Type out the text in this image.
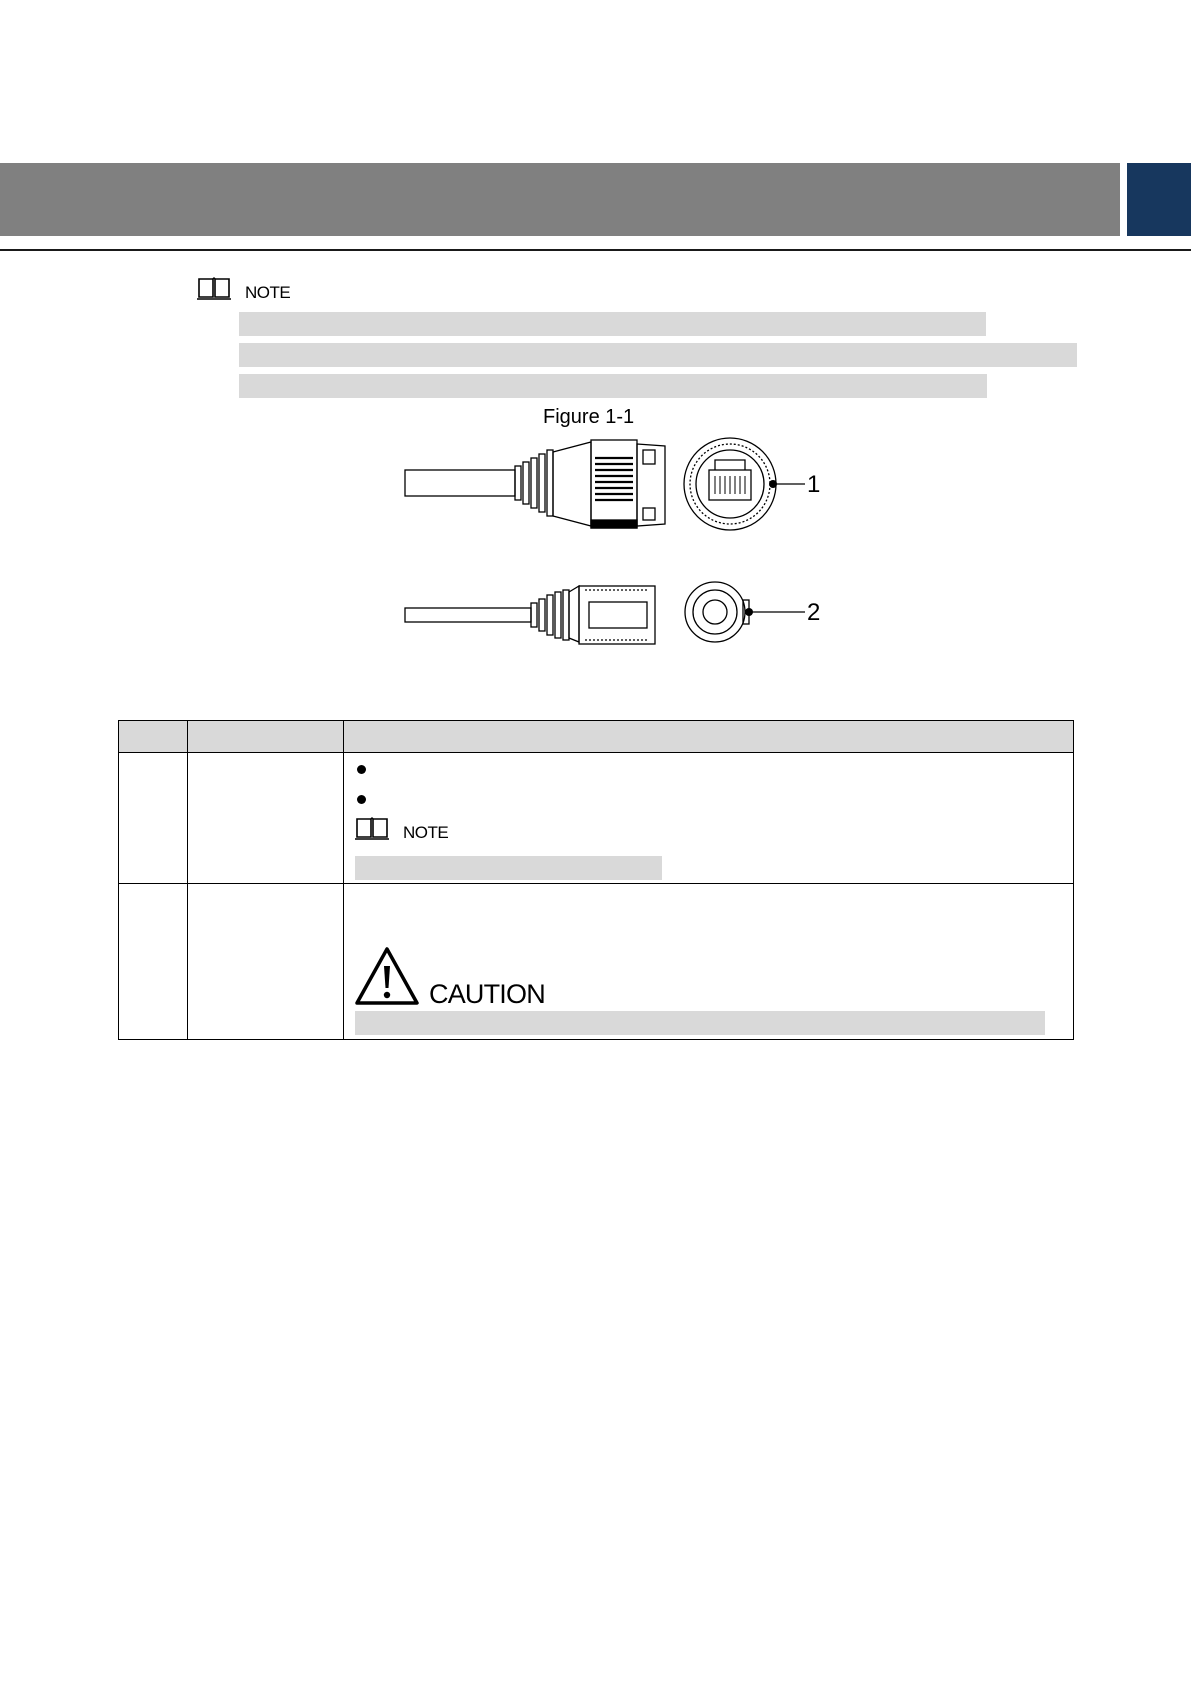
NOTE
Figure 1-1
1
2

		NOTE

		CAUTION
